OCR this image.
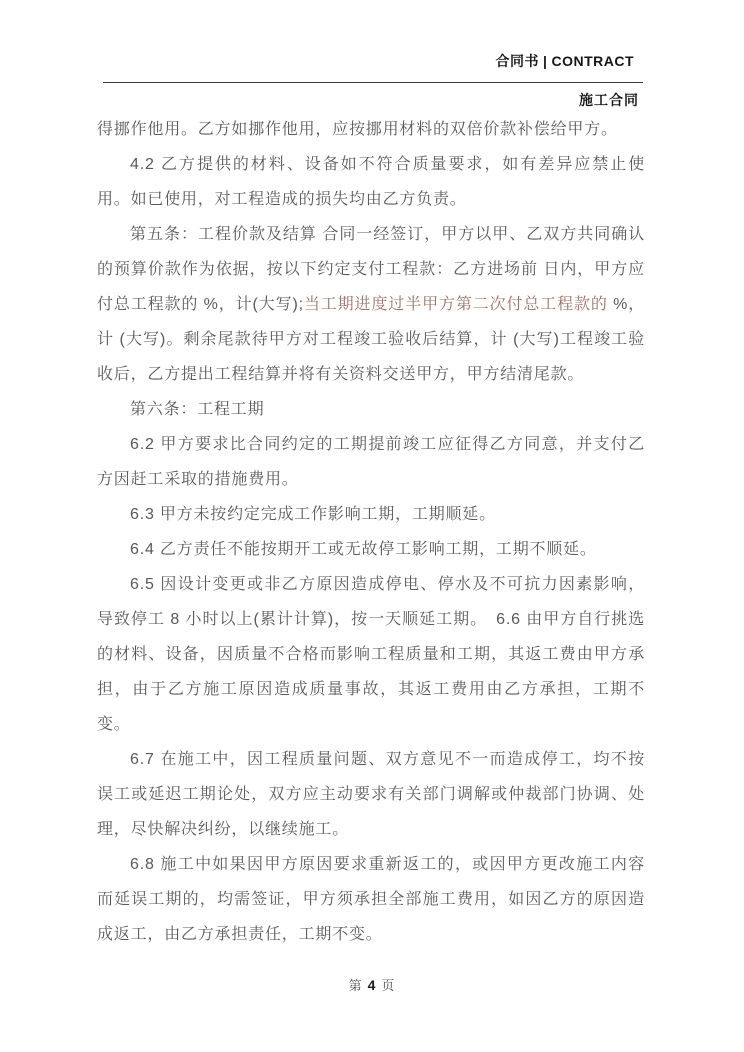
合同书 | CONTRACT
施工合同

得挪作他用。乙方如挪作他用，应按挪用材料的双倍价款补偿给甲方。

4.2 乙方提供的材料、设备如不符合质量要求，如有差异应禁止使用。如已使用，对工程造成的损失均由乙方负责。

第五条：工程价款及结算 合同一经签订，甲方以甲、乙双方共同确认的预算价款作为依据，按以下约定支付工程款：乙方进场前 日内，甲方应付总工程款的 %，计(大写);当工期进度过半甲方第二次付总工程款的 %，计 (大写)。剩余尾款待甲方对工程竣工验收后结算，计 (大写)工程竣工验收后，乙方提出工程结算并将有关资料交送甲方，甲方结清尾款。

第六条：工程工期

6.2 甲方要求比合同约定的工期提前竣工应征得乙方同意，并支付乙方因赶工采取的措施费用。

6.3 甲方未按约定完成工作影响工期，工期顺延。

6.4 乙方责任不能按期开工或无故停工影响工期，工期不顺延。

6.5 因设计变更或非乙方原因造成停电、停水及不可抗力因素影响，导致停工 8 小时以上(累计计算)，按一天顺延工期。　6.6 由甲方自行挑选的材料、设备，因质量不合格而影响工程质量和工期，其返工费由甲方承担，由于乙方施工原因造成质量事故，其返工费用由乙方承担，工期不变。

6.7 在施工中，因工程质量问题、双方意见不一而造成停工，均不按误工或延迟工期论处，双方应主动要求有关部门调解或仲裁部门协调、处理，尽快解决纠纷，以继续施工。

6.8 施工中如果因甲方原因要求重新返工的，或因甲方更改施工内容而延误工期的，均需签证，甲方须承担全部施工费用，如因乙方的原因造成返工，由乙方承担责任，工期不变。

第 4 页
